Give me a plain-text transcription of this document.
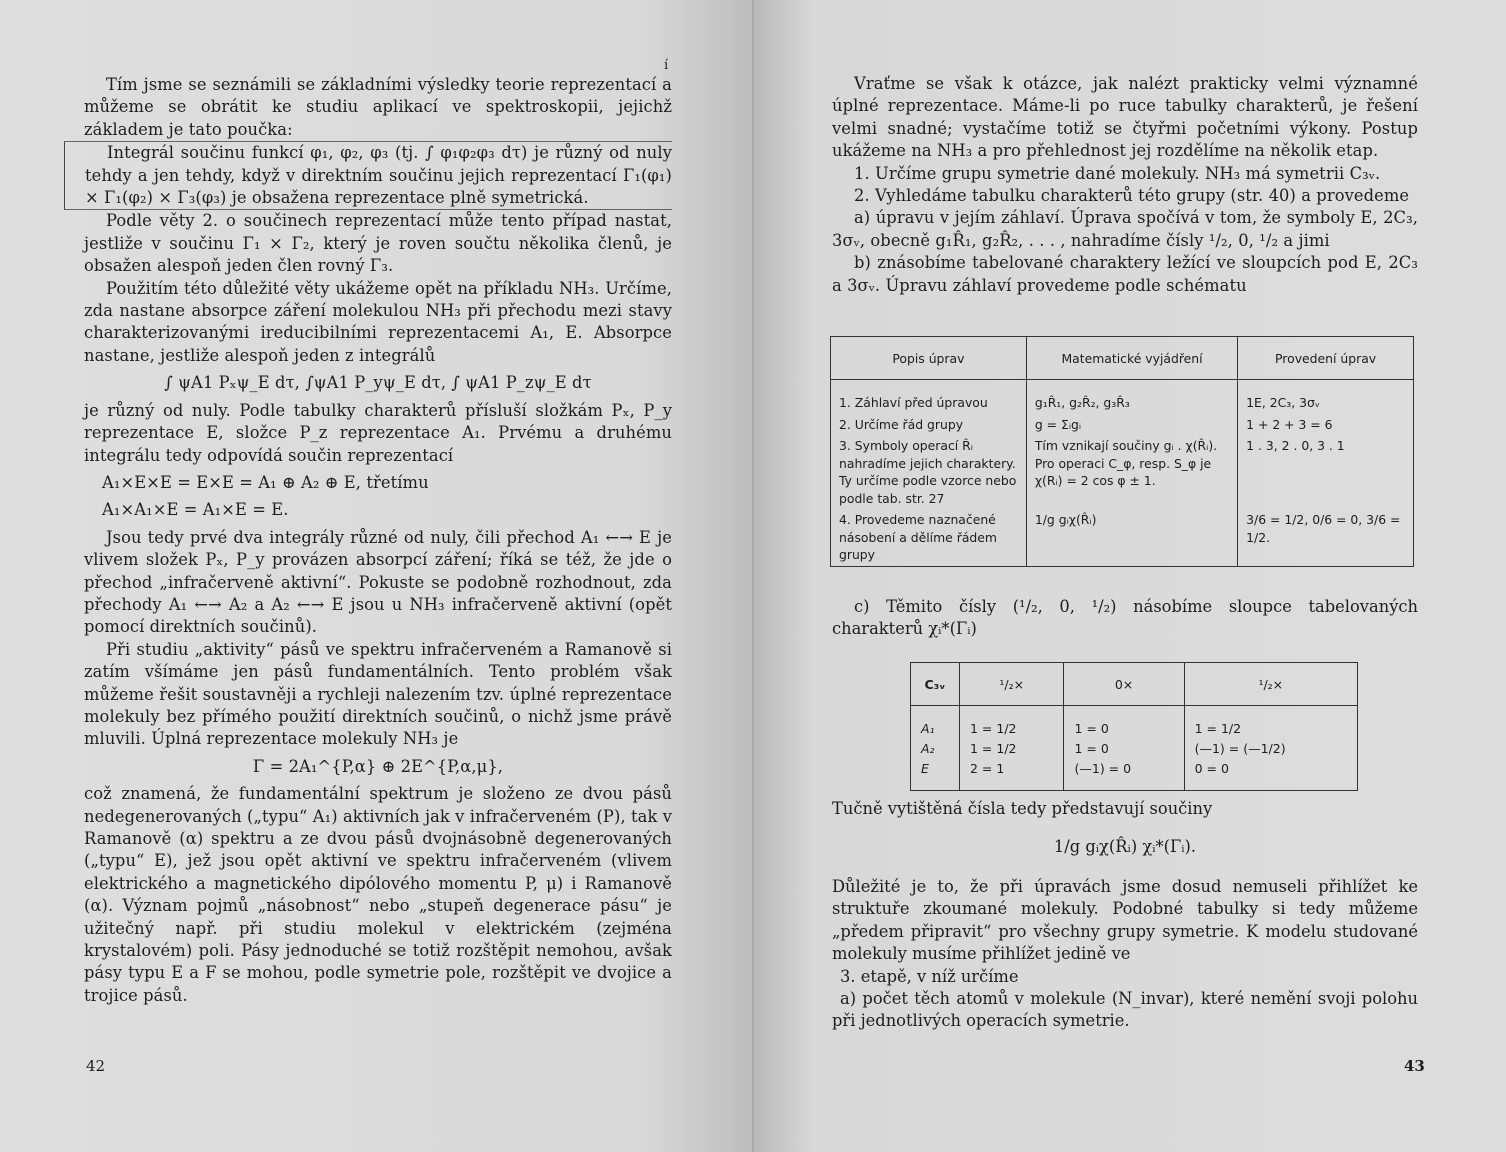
í

Tím jsme se seznámili se základními výsledky teorie reprezentací a můžeme se obrátit ke studiu aplikací ve spektroskopii, jejichž základem je tato poučka:

Integrál součinu funkcí φ₁, φ₂, φ₃ (tj. ∫ φ₁φ₂φ₃ dτ) je různý od nuly tehdy a jen tehdy, když v direktním součinu jejich reprezentací Γ₁(φ₁) × Γ₁(φ₂) × Γ₃(φ₃) je obsažena reprezentace plně symetrická.

Podle věty 2. o součinech reprezentací může tento případ nastat, jestliže v součinu Γ₁ × Γ₂, který je roven součtu několika členů, je obsažen alespoň jeden člen rovný Γ₃.

Použitím této důležité věty ukážeme opět na příkladu NH₃. Určíme, zda nastane absorpce záření molekulou NH₃ při přechodu mezi stavy charakterizovanými ireducibilními reprezentacemi A₁, E. Absorpce nastane, jestliže alespoň jeden z integrálů

∫ ψA1 Pₓψ_E dτ, ∫ψA1 P_yψ_E dτ, ∫ ψA1 P_zψ_E dτ

je různý od nuly. Podle tabulky charakterů přísluší složkám Pₓ, P_y reprezentace E, složce P_z reprezentace A₁. Prvému a druhému integrálu tedy odpovídá součin reprezentací

A₁×E×E = E×E = A₁ ⊕ A₂ ⊕ E, třetímu

A₁×A₁×E = A₁×E = E.

Jsou tedy prvé dva integrály různé od nuly, čili přechod A₁ ←→ E je vlivem složek Pₓ, P_y provázen absorpcí záření; říká se též, že jde o přechod „infračerveně aktivní“. Pokuste se podobně rozhodnout, zda přechody A₁ ←→ A₂ a A₂ ←→ E jsou u NH₃ infračerveně aktivní (opět pomocí direktních součinů).

Při studiu „aktivity“ pásů ve spektru infračerveném a Ramanově si zatím všímáme jen pásů fundamentálních. Tento problém však můžeme řešit soustavněji a rychleji nalezením tzv. úplné reprezentace molekuly bez přímého použití direktních součinů, o nichž jsme právě mluvili. Úplná reprezentace molekuly NH₃ je

Γ = 2A₁^{P,α} ⊕ 2E^{P,α,μ},

což znamená, že fundamentální spektrum je složeno ze dvou pásů nedegenerovaných („typu“ A₁) aktivních jak v infračerveném (P), tak v Ramanově (α) spektru a ze dvou pásů dvojnásobně degenerovaných („typu“ E), jež jsou opět aktivní ve spektru infračerveném (vlivem elektrického a magnetického dipólového momentu P, μ) i Ramanově (α). Význam pojmů „násobnost“ nebo „stupeň degenerace pásu“ je užitečný např. při studiu molekul v elektrickém (zejména krystalovém) poli. Pásy jednoduché se totiž rozštěpit nemohou, avšak pásy typu E a F se mohou, podle symetrie pole, rozštěpit ve dvojice a trojice pásů.

42

Vraťme se však k otázce, jak nalézt prakticky velmi významné úplné reprezentace. Máme-li po ruce tabulky charakterů, je řešení velmi snadné; vystačíme totiž se čtyřmi početními výkony. Postup ukážeme na NH₃ a pro přehlednost jej rozdělíme na několik etap.

1. Určíme grupu symetrie dané molekuly. NH₃ má symetrii C₃ᵥ.

2. Vyhledáme tabulku charakterů této grupy (str. 40) a provedeme

a) úpravu v jejím záhlaví. Úprava spočívá v tom, že symboly E, 2C₃, 3σᵥ, obecně g₁R̂₁, g₂R̂₂, . . . , nahradíme čísly ¹/₂, 0, ¹/₂ a jimi

b) znásobíme tabelované charaktery ležící ve sloupcích pod E, 2C₃ a 3σᵥ. Úpravu záhlaví provedeme podle schématu

Popis úprav	Matematické vyjádření	Provedení úprav

1. Záhlaví před úpravou	g₁R̂₁, g₂R̂₂, g₃R̂₃	1E, 2C₃, 3σᵥ
2. Určíme řád grupy	g = Σᵢgᵢ	1 + 2 + 3 = 6
3. Symboly operací R̂ᵢ nahradíme jejich charaktery. Ty určíme podle vzorce nebo podle tab. str. 27	Tím vznikají součiny gᵢ . χ(R̂ᵢ). Pro operaci C_φ, resp. S_φ je χ(Rᵢ) = 2 cos φ ± 1.	1 . 3, 2 . 0, 3 . 1
4. Provedeme naznačené násobení a dělíme řádem grupy	1/g gᵢχ(R̂ᵢ)	3/6 = 1/2, 0/6 = 0, 3/6 = 1/2.

c) Těmito čísly (¹/₂, 0, ¹/₂) násobíme sloupce tabelovaných charakterů χᵢ*(Γᵢ)

C₃ᵥ	¹/₂×	0×	¹/₂×

A₁	1 = 1/2	1 = 0	1 = 1/2
A₂	1 = 1/2	1 = 0	(—1) = (—1/2)
E	2 = 1	(—1) = 0	0 = 0

Tučně vytištěná čísla tedy představují součiny

1/g gᵢχ(R̂ᵢ) χᵢ*(Γᵢ).

Důležité je to, že při úpravách jsme dosud nemuseli přihlížet ke struktuře zkoumané molekuly. Podobné tabulky si tedy můžeme „předem připravit“ pro všechny grupy symetrie. K modelu studované molekuly musíme přihlížet jedině ve

3. etapě, v níž určíme

a) počet těch atomů v molekule (N_invar), které nemění svoji polohu při jednotlivých operacích symetrie.

43
